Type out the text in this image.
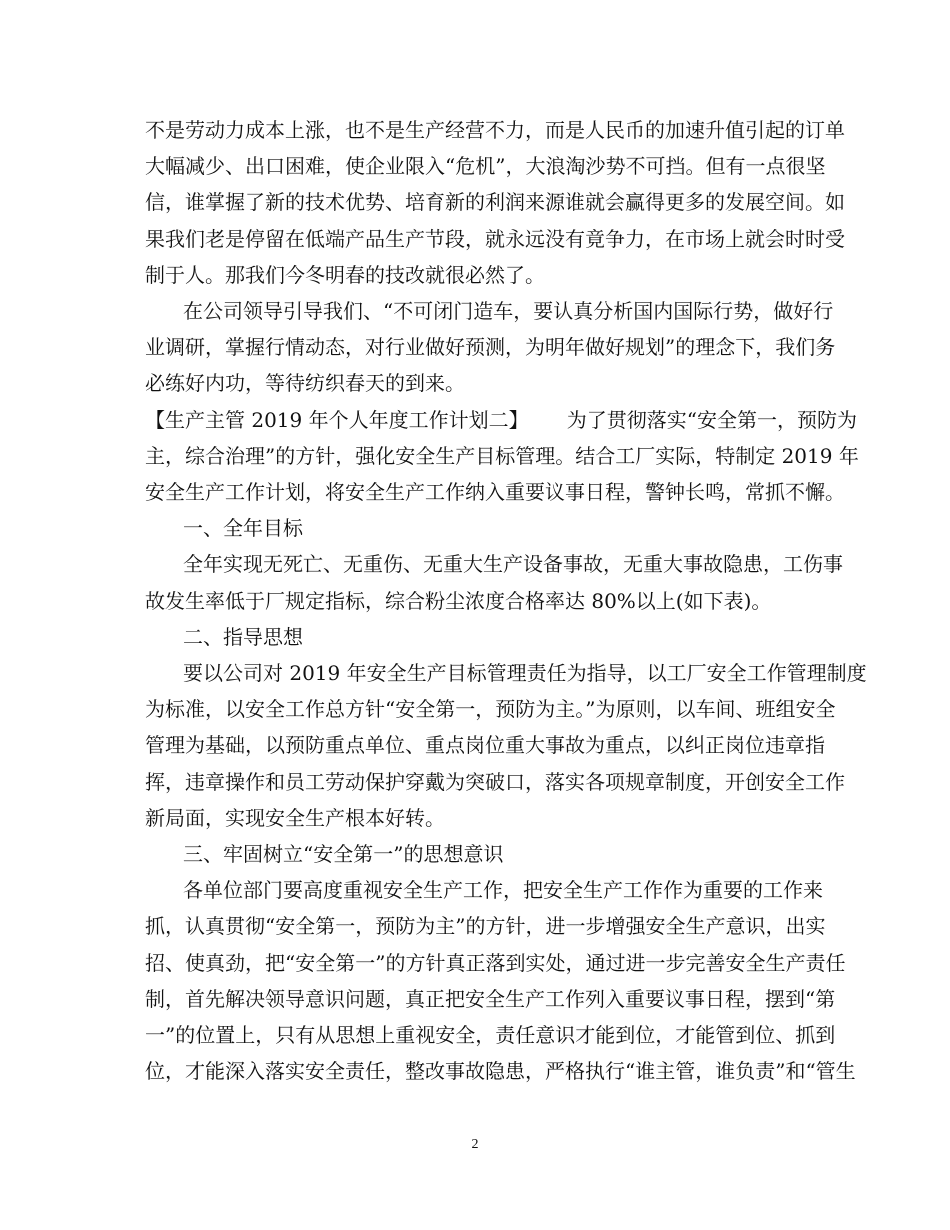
不是劳动力成本上涨，也不是生产经营不力，而是人民币的加速升值引起的订单
大幅减少、出口困难，使企业限入“危机”，大浪淘沙势不可挡。但有一点很坚
信，谁掌握了新的技术优势、培育新的利润来源谁就会赢得更多的发展空间。如
果我们老是停留在低端产品生产节段，就永远没有竟争力，在市场上就会时时受
制于人。那我们今冬明春的技改就很必然了。
在公司领导引导我们、“不可闭门造车，要认真分析国内国际行势，做好行
业调研，掌握行情动态，对行业做好预测，为明年做好规划”的理念下，我们务
必练好内功，等待纺织春天的到来。
【生产主管 2019 年个人年度工作计划二】      为了贯彻落实“安全第一，预防为
主，综合治理”的方针，强化安全生产目标管理。结合工厂实际，特制定 2019 年
安全生产工作计划，将安全生产工作纳入重要议事日程，警钟长鸣，常抓不懈。
一、全年目标
全年实现无死亡、无重伤、无重大生产设备事故，无重大事故隐患，工伤事
故发生率低于厂规定指标，综合粉尘浓度合格率达 80%以上(如下表)。
二、指导思想
要以公司对 2019 年安全生产目标管理责任为指导，以工厂安全工作管理制度
为标准，以安全工作总方针“安全第一，预防为主。”为原则，以车间、班组安全
管理为基础，以预防重点单位、重点岗位重大事故为重点，以纠正岗位违章指
挥，违章操作和员工劳动保护穿戴为突破口，落实各项规章制度，开创安全工作
新局面，实现安全生产根本好转。
三、牢固树立“安全第一”的思想意识
各单位部门要高度重视安全生产工作，把安全生产工作作为重要的工作来
抓，认真贯彻“安全第一，预防为主”的方针，进一步增强安全生产意识，出实
招、使真劲，把“安全第一”的方针真正落到实处，通过进一步完善安全生产责任
制，首先解决领导意识问题，真正把安全生产工作列入重要议事日程，摆到“第
一”的位置上，只有从思想上重视安全，责任意识才能到位，才能管到位、抓到
位，才能深入落实安全责任，整改事故隐患，严格执行“谁主管，谁负责”和“管生
2
